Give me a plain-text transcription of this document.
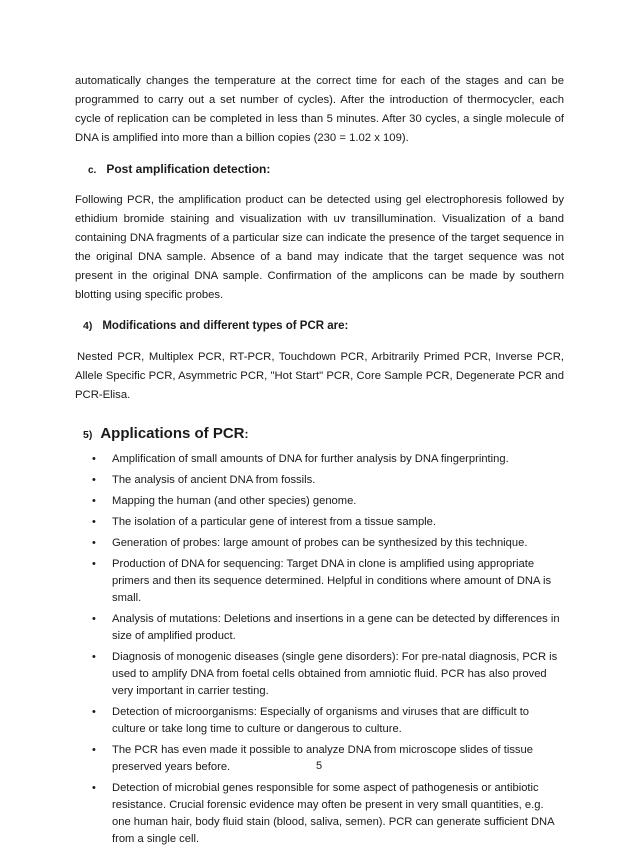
automatically changes the temperature at the correct time for each of the stages and can be programmed to carry out a set number of cycles). After the introduction of thermocycler, each cycle of replication can be completed in less than 5 minutes. After 30 cycles, a single molecule of DNA is amplified into more than a billion copies (230 = 1.02 x 109).

c. Post amplification detection:

Following PCR, the amplification product can be detected using gel electrophoresis followed by ethidium bromide staining and visualization with uv transillumination. Visualization of a band containing DNA fragments of a particular size can indicate the presence of the target sequence in the original DNA sample. Absence of a band may indicate that the target sequence was not present in the original DNA sample. Confirmation of the amplicons can be made by southern blotting using specific probes.

4) Modifications and different types of PCR are:

Nested PCR, Multiplex PCR, RT-PCR, Touchdown PCR, Arbitrarily Primed PCR, Inverse PCR, Allele Specific PCR, Asymmetric PCR, "Hot Start" PCR, Core Sample PCR, Degenerate PCR and PCR-Elisa.

5) Applications of PCR:
• Amplification of small amounts of DNA for further analysis by DNA fingerprinting.
• The analysis of ancient DNA from fossils.
• Mapping the human (and other species) genome.
• The isolation of a particular gene of interest from a tissue sample.
• Generation of probes: large amount of probes can be synthesized by this technique.
• Production of DNA for sequencing: Target DNA in clone is amplified using appropriate primers and then its sequence determined. Helpful in conditions where amount of DNA is small.
• Analysis of mutations: Deletions and insertions in a gene can be detected by differences in size of amplified product.
• Diagnosis of monogenic diseases (single gene disorders): For pre-natal diagnosis, PCR is used to amplify DNA from foetal cells obtained from amniotic fluid. PCR has also proved very important in carrier testing.
• Detection of microorganisms: Especially of organisms and viruses that are difficult to culture or take long time to culture or dangerous to culture.
• The PCR has even made it possible to analyze DNA from microscope slides of tissue preserved years before.
• Detection of microbial genes responsible for some aspect of pathogenesis or antibiotic resistance. Crucial forensic evidence may often be present in very small quantities, e.g. one human hair, body fluid stain (blood, saliva, semen). PCR can generate sufficient DNA from a single cell.
5
